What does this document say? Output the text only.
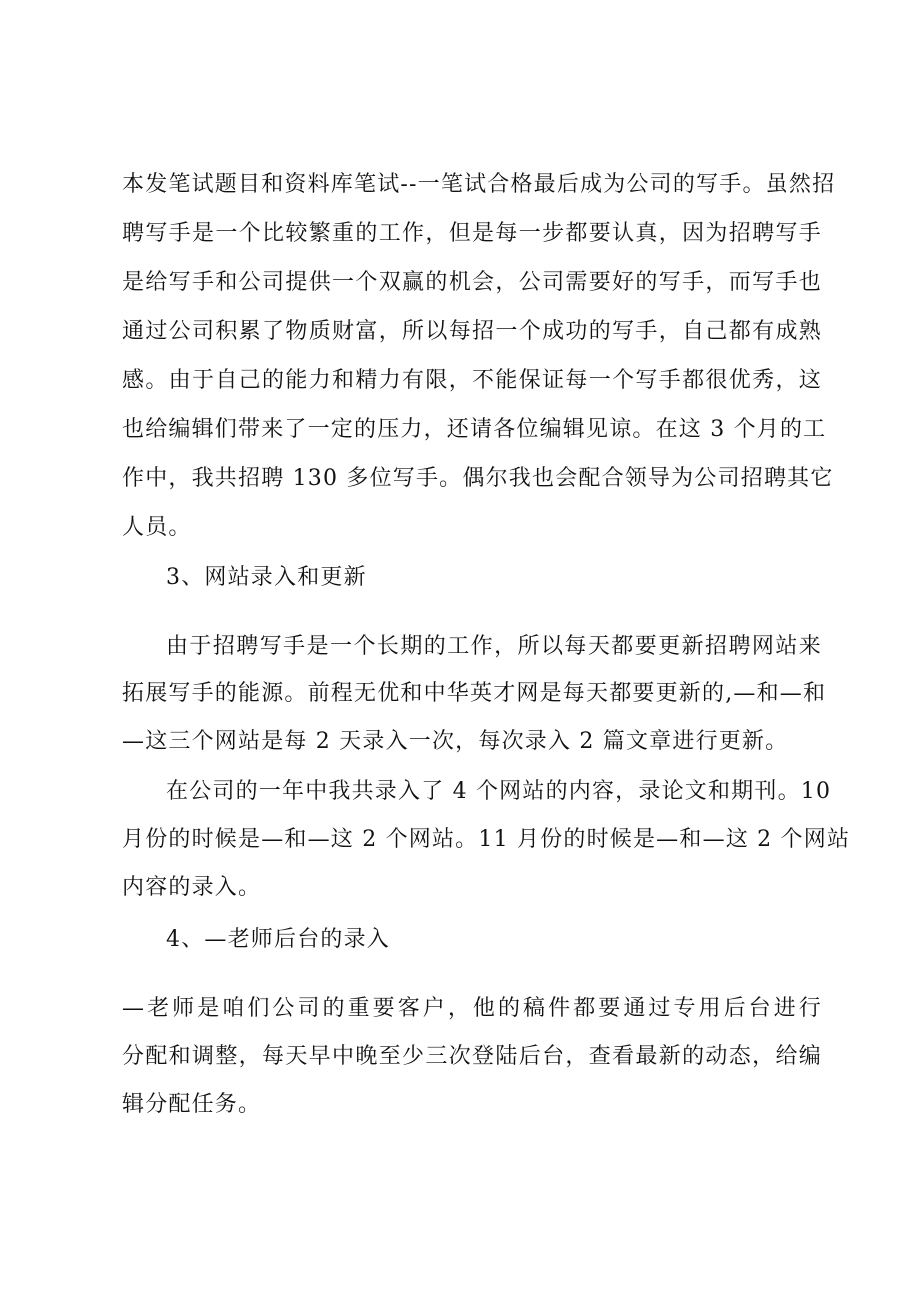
本发笔试题目和资料库笔试--一笔试合格最后成为公司的写手。虽然招
聘写手是一个比较繁重的工作，但是每一步都要认真，因为招聘写手
是给写手和公司提供一个双赢的机会，公司需要好的写手，而写手也
通过公司积累了物质财富，所以每招一个成功的写手，自己都有成熟
感。由于自己的能力和精力有限，不能保证每一个写手都很优秀，这
也给编辑们带来了一定的压力，还请各位编辑见谅。在这 3 个月的工
作中，我共招聘 130 多位写手。偶尔我也会配合领导为公司招聘其它
人员。
3、网站录入和更新
由于招聘写手是一个长期的工作，所以每天都要更新招聘网站来
拓展写手的能源。前程无优和中华英才网是每天都要更新的,—和—和
—这三个网站是每 2 天录入一次，每次录入 2 篇文章进行更新。
在公司的一年中我共录入了 4 个网站的内容，录论文和期刊。10
月份的时候是—和—这 2 个网站。11 月份的时候是—和—这 2 个网站
内容的录入。
4、—老师后台的录入
—老师是咱们公司的重要客户，他的稿件都要通过专用后台进行
分配和调整，每天早中晚至少三次登陆后台，查看最新的动态，给编
辑分配任务。
